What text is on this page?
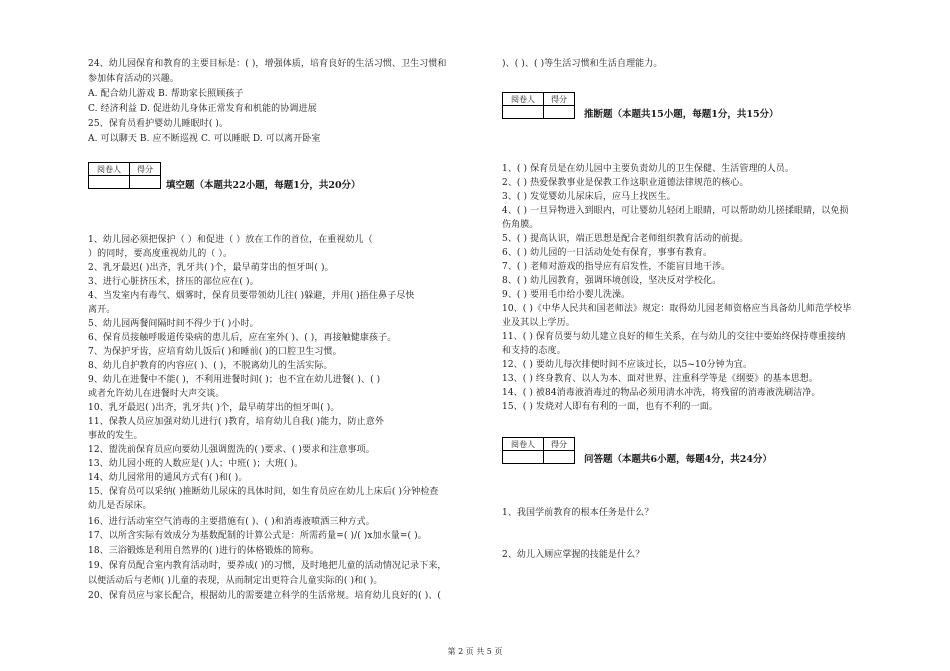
24、幼儿园保育和教育的主要目标是：( )，增强体质，培育良好的生活习惯、卫生习惯和
参加体育活动的兴趣。
A. 配合幼儿游戏 B. 帮助家长照顾孩子
C. 经济利益 D. 促进幼儿身体正常发育和机能的协调进展
25、保育员看护婴幼儿睡眠时( )。
A. 可以聊天 B. 应不断巡视 C. 可以睡眠 D. 可以离开卧室
阅卷人	得分

填空题（本题共22小题，每题1分，共20分）
1、幼儿园必须把保护（ ）和促进（ ）放在工作的首位，在重视幼儿（
）的同时，要高度重视幼儿的（ ）。
2、乳牙最迟( )出齐，乳牙共( )个，最早萌芽出的恒牙叫( )。
3、进行心脏挤压术，挤压的部位应在( )。
4、当发室内有毒气、烟雾时，保育员要带领幼儿往( )躲避，并用( )捂住鼻子尽快
离开。
5、幼儿园两餐间隔时间不得少于( )小时。
6、保育员接触呼吸道传染病的患儿后，应在室外( )、( )，再接触健康孩子。
7、为保护牙齿，应培育幼儿饭后( )和睡前( )的口腔卫生习惯。
8、幼儿自护教育的内容应( )、( )，不脱离幼儿的生活实际。
9、幼儿在进餐中不能( )，不利用进餐时间( )；也不宜在幼儿进餐( )、( )
或者允许幼儿在进餐时大声交谈。
10、乳牙最迟( )出齐，乳牙共( )个，最早萌芽出的恒牙叫( )。
11、保教人员应加强对幼儿进行( )教育，培育幼儿自我( )能力，防止意外
事故的发生。
12、盥洗前保育员应向要幼儿强调盥洗的( )要求、( )要求和注意事项。
13、幼儿园小班的人数应是( )人；中班( )；大班( )。
14、幼儿园常用的通风方式有( )和( )。
15、保育员可以采纳( )推断幼儿尿床的具体时间，如生育员应在幼儿上床后( )分钟检查
幼儿是否尿床。
16、进行活动室空气消毒的主要措施有( )、( )和消毒液喷洒三种方式。
17、以所含实际有效成分为基数配制的计算公式是：所需药量=( )/( )x加水量=( )。
18、三浴锻炼是利用自然界的( )进行的体格锻炼的简称。
19、保育员配合室内教育活动时，要养成( )的习惯，及时地把儿童的活动情况记录下来，
以便活动后与老师( )儿童的表现，从而制定出更符合儿童实际的( )和( )。
20、保育员应与家长配合，根据幼儿的需要建立科学的生活常规。培育幼儿良好的( )、(
)、( )、( )等生活习惯和生活自理能力。
阅卷人	得分

推断题（本题共15小题，每题1分，共15分）
1、( ) 保育员是在幼儿园中主要负责幼儿的卫生保健、生活管理的人员。
2、( ) 热爱保教事业是保教工作这职业道德法律规范的核心。
3、( ) 发觉婴幼儿尿床后，应马上找医生。
4、( ) 一旦异物进入到眼内，可让婴幼儿轻闭上眼睛，可以帮助幼儿搓揉眼睛，以免损
伤角膜。
5、( ) 提高认识，端正思想是配合老师组织教育活动的前提。
6、( ) 幼儿园的一日活动处处有保育，事事有教育。
7、( ) 老师对游戏的指导应有启发性，不能盲目地干涉。
8、( ) 幼儿园教育，强调环境创设，坚决反对学校化。
9、( ) 要用毛巾给小婴儿洗澡。
10、( )《中华人民共和国老师法》规定：取得幼儿园老师资格应当具备幼儿师范学校毕
业及其以上学历。
11、( ) 保育员要与幼儿建立良好的师生关系，在与幼儿的交往中要始终保持尊重接纳
和支持的态度。
12、( ) 要幼儿每次排便时间不应该过长，以5~10分钟为宜。
13、( ) 终身教育、以人为本、面对世界、注重科学等是《纲要》的基本思想。
14、( ) 被84消毒液消毒过的物品必须用清水冲洗，将残留的消毒液洗刷洁净。
15、( ) 发烧对人即有有利的一面，也有不利的一面。
阅卷人	得分

问答题（本题共6小题，每题4分，共24分）
1、我国学前教育的根本任务是什么？
2、幼儿入厕应掌握的技能是什么？
第 2 页 共 5 页
